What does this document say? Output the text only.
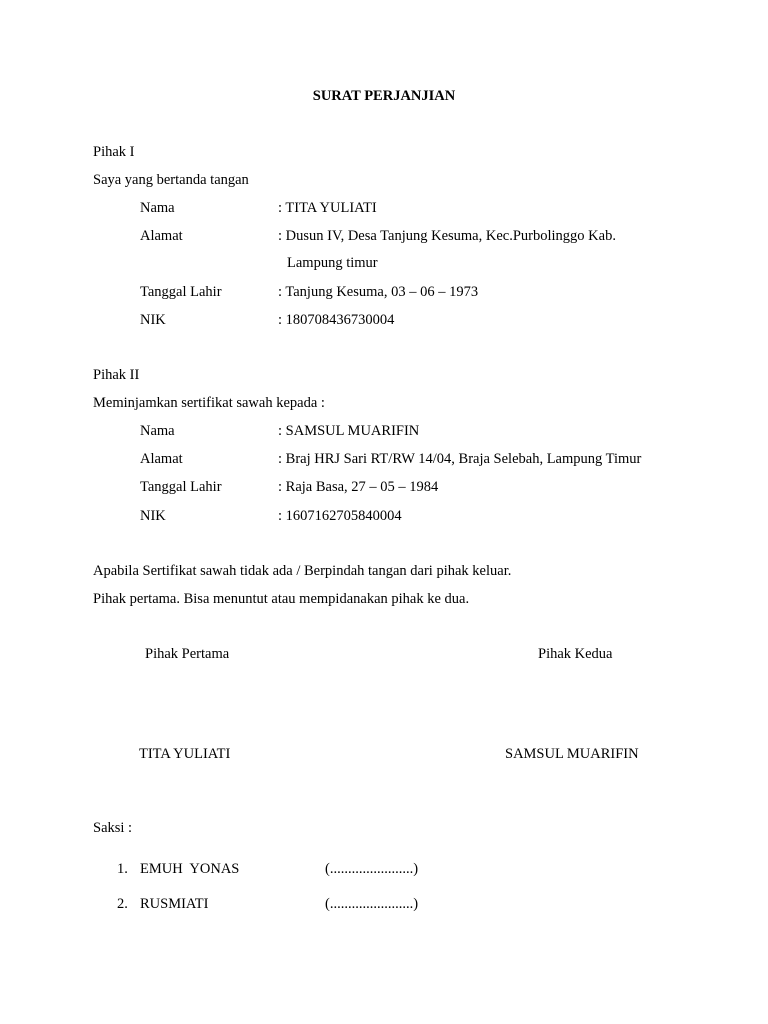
SURAT PERJANJIAN
Pihak I
Saya yang bertanda tangan
Nama	: TITA YULIATI
Alamat	: Dusun IV, Desa Tanjung Kesuma, Kec.Purbolinggo Kab.
Lampung timur
Tanggal Lahir	: Tanjung Kesuma, 03 – 06 – 1973
NIK	: 180708436730004
Pihak II
Meminjamkan sertifikat sawah kepada :
Nama	: SAMSUL MUARIFIN
Alamat	: Braj HRJ Sari RT/RW 14/04, Braja Selebah, Lampung Timur
Tanggal Lahir	: Raja Basa, 27 – 05 – 1984
NIK	: 1607162705840004
Apabila Sertifikat sawah tidak ada / Berpindah tangan dari pihak keluar.
Pihak pertama. Bisa menuntut atau mempidanakan pihak ke dua.
Pihak Pertama	Pihak Kedua
TITA YULIATI	SAMSUL MUARIFIN
Saksi :
1. EMUH  YONAS	(.......................)
2. RUSMIATI	(.......................)
